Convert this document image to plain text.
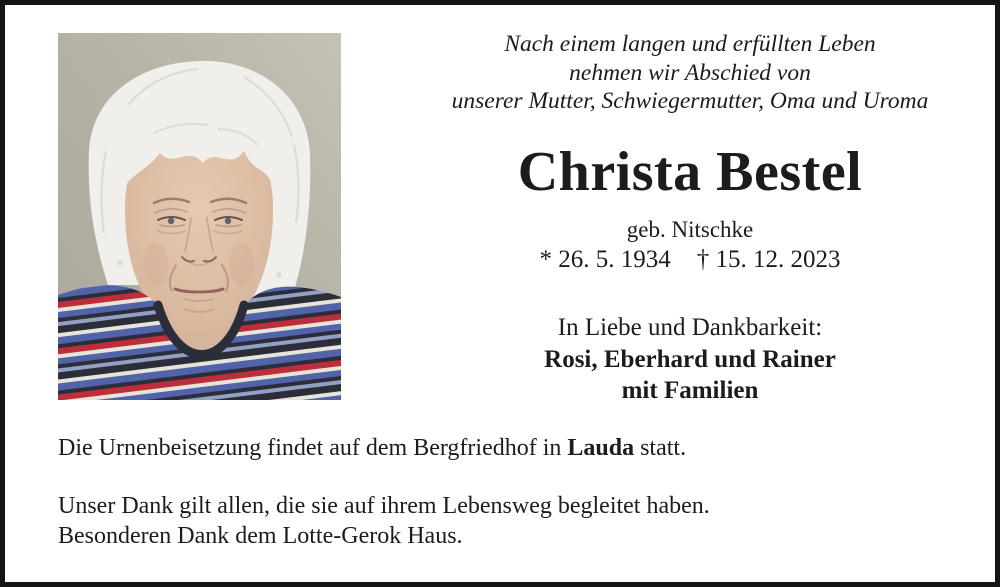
Nach einem langen und erfüllten Leben
nehmen wir Abschied von
unserer Mutter, Schwiegermutter, Oma und Uroma
Christa Bestel
geb. Nitschke
* 26. 5. 1934 † 15. 12. 2023
In Liebe und Dankbarkeit:
Rosi, Eberhard und Rainer
mit Familien

Die Urnenbeisetzung findet auf dem Bergfriedhof in Lauda statt.

Unser Dank gilt allen, die sie auf ihrem Lebensweg begleitet haben.
Besonderen Dank dem Lotte-Gerok Haus.
